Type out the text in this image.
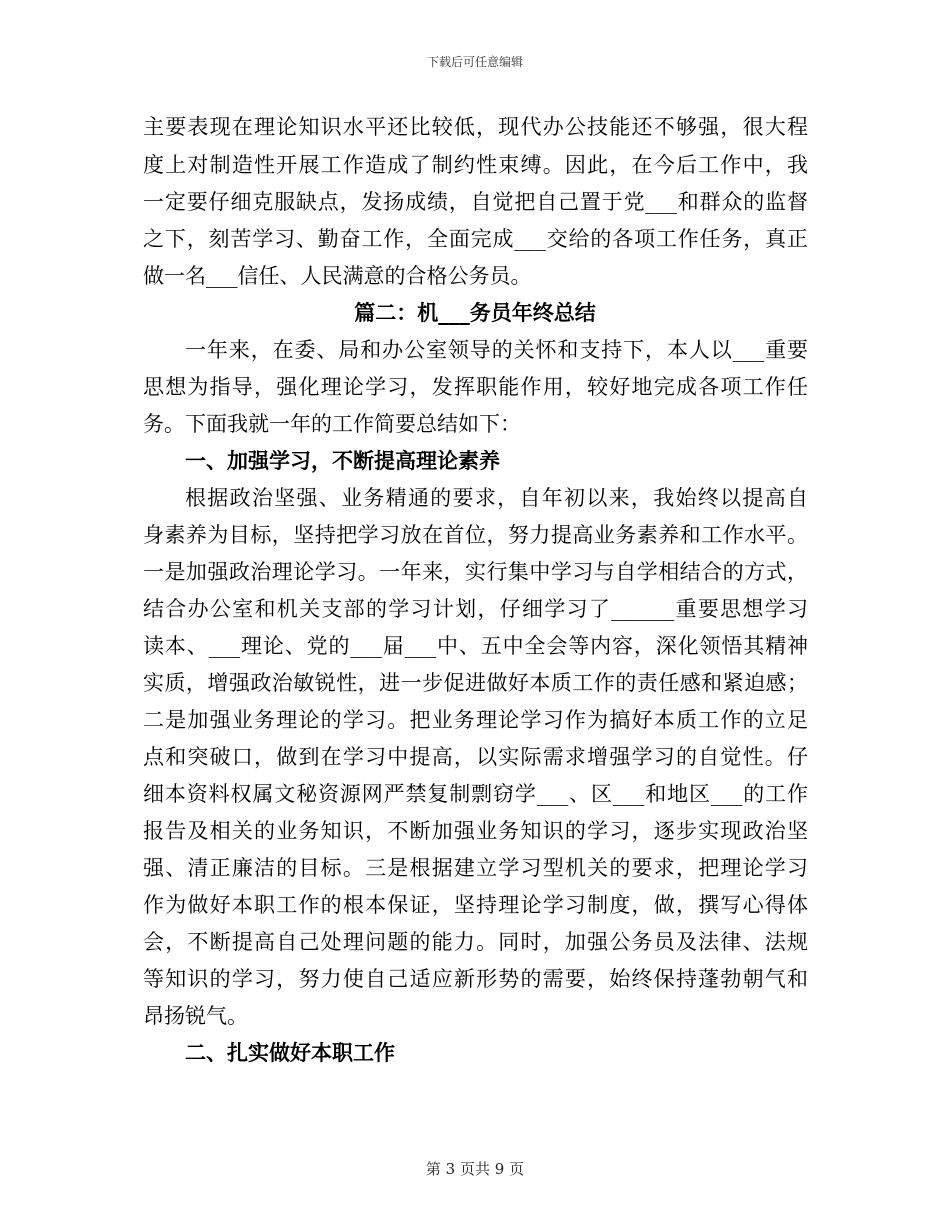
下载后可任意编辑
主要表现在理论知识水平还比较低，现代办公技能还不够强，很大程
度上对制造性开展工作造成了制约性束缚。因此，在今后工作中，我
一定要仔细克服缺点，发扬成绩，自觉把自己置于党___和群众的监督
之下，刻苦学习、勤奋工作，全面完成___交给的各项工作任务，真正
做一名___信任、人民满意的合格公务员。
篇二：机___务员年终总结
一年来，在委、局和办公室领导的关怀和支持下，本人以___重要
思想为指导，强化理论学习，发挥职能作用，较好地完成各项工作任
务。下面我就一年的工作简要总结如下：
一、加强学习，不断提高理论素养
根据政治坚强、业务精通的要求，自年初以来，我始终以提高自
身素养为目标，坚持把学习放在首位，努力提高业务素养和工作水平。
一是加强政治理论学习。一年来，实行集中学习与自学相结合的方式，
结合办公室和机关支部的学习计划，仔细学习了______重要思想学习
读本、___理论、党的___届___中、五中全会等内容，深化领悟其精神
实质，增强政治敏锐性，进一步促进做好本质工作的责任感和紧迫感；
二是加强业务理论的学习。把业务理论学习作为搞好本质工作的立足
点和突破口，做到在学习中提高，以实际需求增强学习的自觉性。仔
细本资料权属文秘资源网严禁复制剽窃学___、区___和地区___的工作
报告及相关的业务知识，不断加强业务知识的学习，逐步实现政治坚
强、清正廉洁的目标。三是根据建立学习型机关的要求，把理论学习
作为做好本职工作的根本保证，坚持理论学习制度，做，撰写心得体
会，不断提高自己处理问题的能力。同时，加强公务员及法律、法规
等知识的学习，努力使自己适应新形势的需要，始终保持蓬勃朝气和
昂扬锐气。
二、扎实做好本职工作
第 3 页共 9 页
